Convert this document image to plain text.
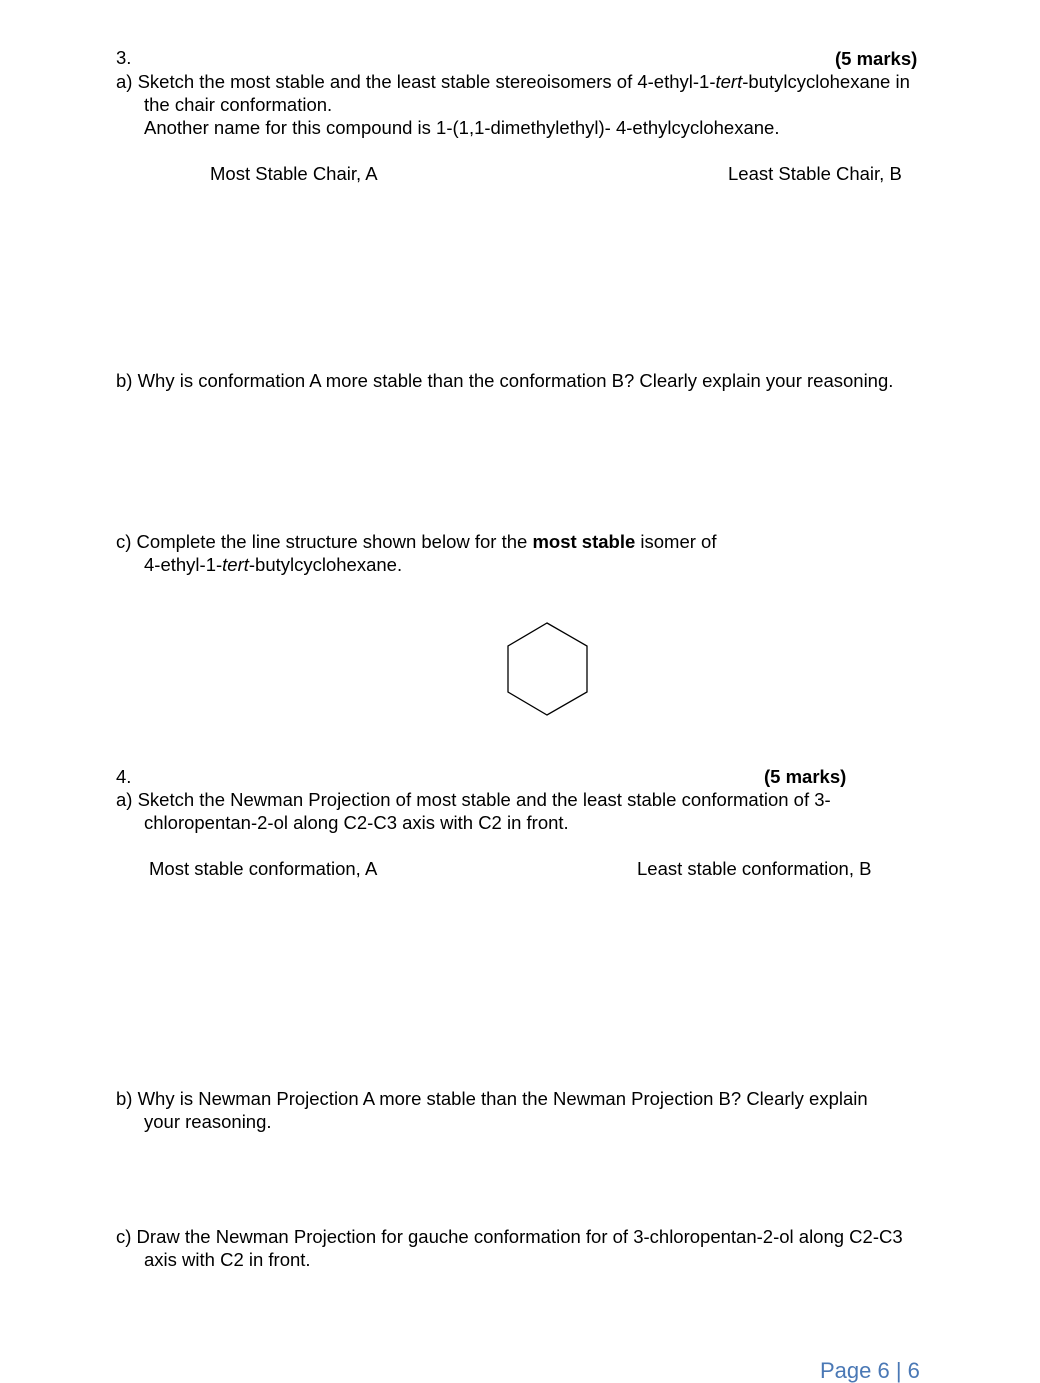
3.	(5 marks)
a) Sketch the most stable and the least stable stereoisomers of 4-ethyl-1-tert-butylcyclohexane in
the chair conformation.
Another name for this compound is 1-(1,1-dimethylethyl)- 4-ethylcyclohexane.
Most Stable Chair, A	Least Stable Chair, B
b) Why is conformation A more stable than the conformation B? Clearly explain your reasoning.
c) Complete the line structure shown below for the most stable isomer of
4-ethyl-1-tert-butylcyclohexane.
4.	(5 marks)
a) Sketch the Newman Projection of most stable and the least stable conformation of 3-
chloropentan-2-ol along C2-C3 axis with C2 in front.
Most stable conformation, A	Least stable conformation, B
b) Why is Newman Projection A more stable than the Newman Projection B? Clearly explain
your reasoning.
c) Draw the Newman Projection for gauche conformation for of 3-chloropentan-2-ol along C2-C3
axis with C2 in front.
Page 6 | 6
